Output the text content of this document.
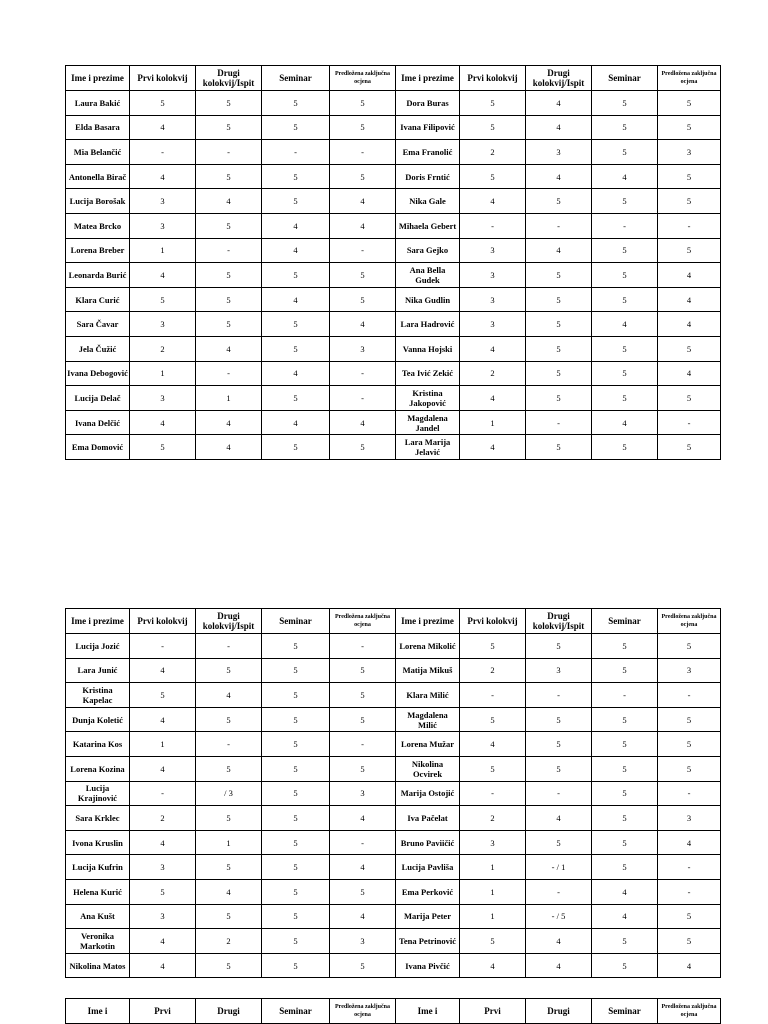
Ime i prezime	Prvi kolokvij	Drugi kolokvij/Ispit	Seminar	Predložena zaključna ocjena	Ime i prezime	Prvi kolokvij	Drugi kolokvij/Ispit	Seminar	Predložena zaključna ocjena
Laura Bakić	5	5	5	5	Dora Buras	5	4	5	5
Elda Basara	4	5	5	5	Ivana Filipović	5	4	5	5
Mia Belančić	-	-	-	-	Ema Franolić	2	3	5	3
Antonella Birač	4	5	5	5	Doris Frntić	5	4	4	5
Lucija Borošak	3	4	5	4	Nika Gale	4	5	5	5
Matea Brcko	3	5	4	4	Mihaela Gebert	-	-	-	-
Lorena Breber	1	-	4	-	Sara Gejko	3	4	5	5
Leonarda Burić	4	5	5	5	Ana Bella Gudek	3	5	5	4
Klara Curić	5	5	4	5	Nika Gudlin	3	5	5	4
Sara Čavar	3	5	5	4	Lara Hadrović	3	5	4	4
Jela Čužić	2	4	5	3	Vanna Hojski	4	5	5	5
Ivana Debogović	1	-	4	-	Tea Ivić Zekić	2	5	5	4
Lucija Delač	3	1	5	-	Kristina Jakopović	4	5	5	5
Ivana Delčić	4	4	4	4	Magdalena Jandel	1	-	4	-
Ema Domović	5	4	5	5	Lara Marija Jelavić	4	5	5	5
Ime i prezime	Prvi kolokvij	Drugi kolokvij/Ispit	Seminar	Predložena zaključna ocjena	Ime i prezime	Prvi kolokvij	Drugi kolokvij/Ispit	Seminar	Predložena zaključna ocjena
Lucija Jozić	-	-	5	-	Lorena Mikolić	5	5	5	5
Lara Junić	4	5	5	5	Matija Mikuš	2	3	5	3
Kristina Kapelac	5	4	5	5	Klara Milić	-	-	-	-
Dunja Koletić	4	5	5	5	Magdalena Milić	5	5	5	5
Katarina Kos	1	-	5	-	Lorena Mužar	4	5	5	5
Lorena Kozina	4	5	5	5	Nikolina Ocvirek	5	5	5	5
Lucija Krajinović	-	/ 3	5	3	Marija Ostojić	-	-	5	-
Sara Krklec	2	5	5	4	Iva Pačelat	2	4	5	3
Ivona Kruslin	4	1	5	-	Bruno Paviičić	3	5	5	4
Lucija Kufrin	3	5	5	4	Lucija Pavliša	1	- / 1	5	-
Helena Kurić	5	4	5	5	Ema Perković	1	-	4	-
Ana Kušt	3	5	5	4	Marija Peter	1	- / 5	4	5
Veronika Markotin	4	2	5	3	Tena Petrinović	5	4	5	5
Nikolina Matos	4	5	5	5	Ivana Pivčić	4	4	5	4
Ime i	Prvi	Drugi	Seminar	Predložena zaključna ocjena	Ime i	Prvi	Drugi	Seminar	Predložena zaključna ocjena
